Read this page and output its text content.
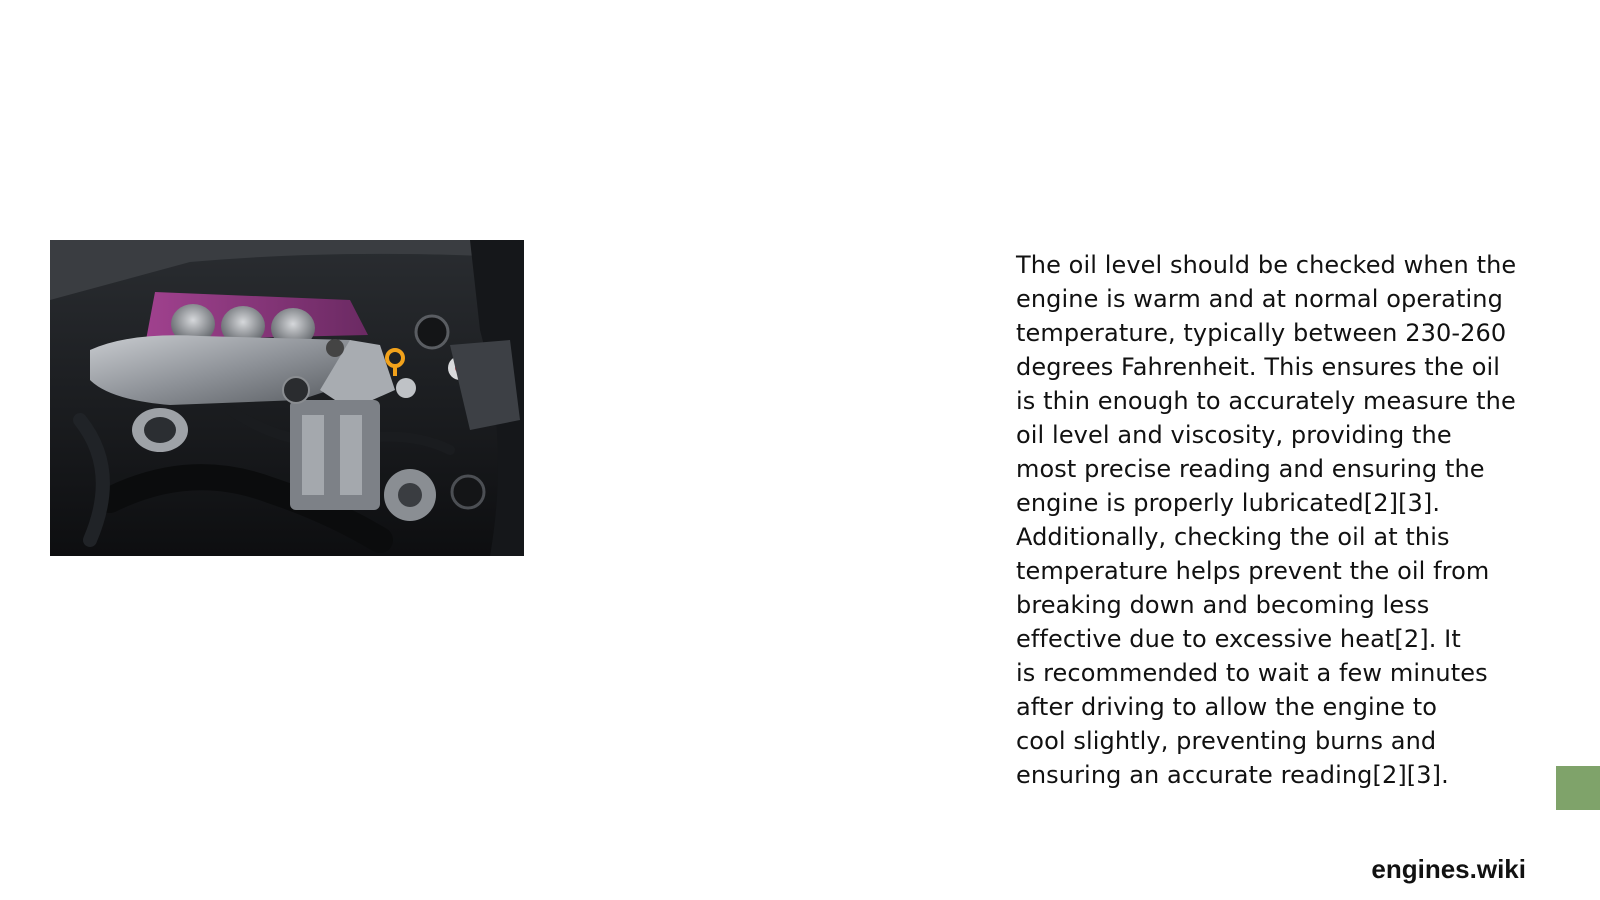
The oil level should be checked when the
engine is warm and at normal operating
temperature, typically between 230-260
degrees Fahrenheit. This ensures the oil
is thin enough to accurately measure the
oil level and viscosity, providing the
most precise reading and ensuring the
engine is properly lubricated[2][3].
Additionally, checking the oil at this
temperature helps prevent the oil from
breaking down and becoming less
effective due to excessive heat[2]. It
is recommended to wait a few minutes
after driving to allow the engine to
cool slightly, preventing burns and
ensuring an accurate reading[2][3].

engines.wiki
